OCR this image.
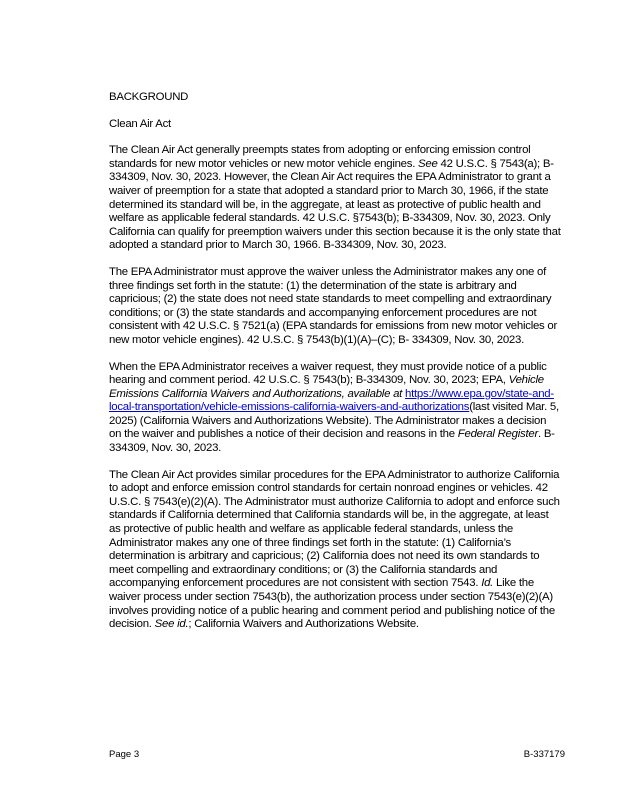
BACKGROUND
Clean Air Act
The Clean Air Act generally preempts states from adopting or enforcing emission control standards for new motor vehicles or new motor vehicle engines. See 42 U.S.C. § 7543(a); B-334309, Nov. 30, 2023. However, the Clean Air Act requires the EPA Administrator to grant a waiver of preemption for a state that adopted a standard prior to March 30, 1966, if the state determined its standard will be, in the aggregate, at least as protective of public health and welfare as applicable federal standards. 42 U.S.C. §7543(b); B-334309, Nov. 30, 2023. Only California can qualify for preemption waivers under this section because it is the only state that adopted a standard prior to March 30, 1966. B-334309, Nov. 30, 2023.
The EPA Administrator must approve the waiver unless the Administrator makes any one of three findings set forth in the statute: (1) the determination of the state is arbitrary and capricious; (2) the state does not need state standards to meet compelling and extraordinary conditions; or (3) the state standards and accompanying enforcement procedures are not consistent with 42 U.S.C. § 7521(a) (EPA standards for emissions from new motor vehicles or new motor vehicle engines). 42 U.S.C. § 7543(b)(1)(A)–(C); B- 334309, Nov. 30, 2023.
When the EPA Administrator receives a waiver request, they must provide notice of a public hearing and comment period. 42 U.S.C. § 7543(b); B-334309, Nov. 30, 2023; EPA, Vehicle Emissions California Waivers and Authorizations, available at https://www.epa.gov/state-and-local-transportation/vehicle-emissions-california-waivers-and-authorizations(last visited Mar. 5, 2025) (California Waivers and Authorizations Website). The Administrator makes a decision on the waiver and publishes a notice of their decision and reasons in the Federal Register. B-334309, Nov. 30, 2023.
The Clean Air Act provides similar procedures for the EPA Administrator to authorize California to adopt and enforce emission control standards for certain nonroad engines or vehicles. 42 U.S.C. § 7543(e)(2)(A). The Administrator must authorize California to adopt and enforce such standards if California determined that California standards will be, in the aggregate, at least as protective of public health and welfare as applicable federal standards, unless the Administrator makes any one of three findings set forth in the statute: (1) California’s determination is arbitrary and capricious; (2) California does not need its own standards to meet compelling and extraordinary conditions; or (3) the California standards and accompanying enforcement procedures are not consistent with section 7543. Id. Like the waiver process under section 7543(b), the authorization process under section 7543(e)(2)(A) involves providing notice of a public hearing and comment period and publishing notice of the decision. See id.; California Waivers and Authorizations Website.
Page 3	B-337179
